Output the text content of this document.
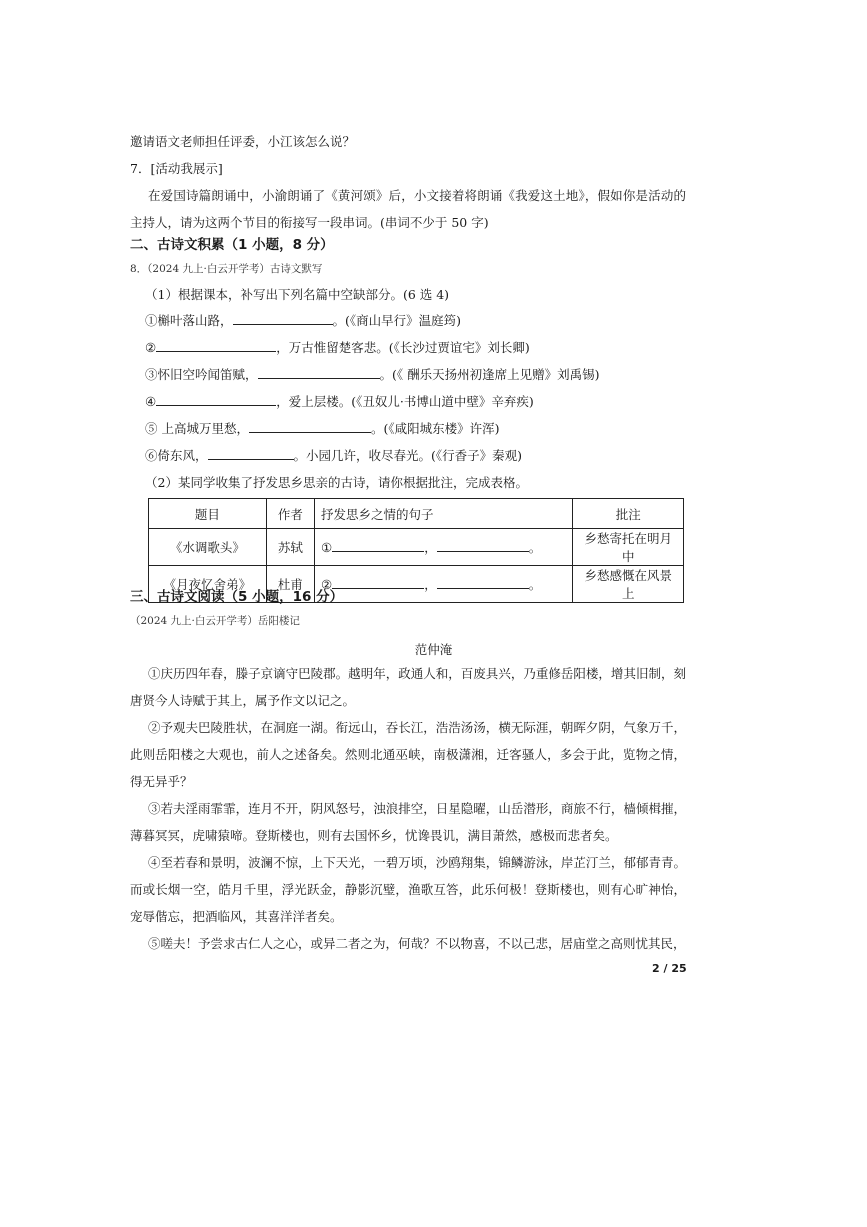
邀请语文老师担任评委，小江该怎么说？
7．[活动我展示]

在爱国诗篇朗诵中，小渝朗诵了《黄河颂》后，小文接着将朗诵《我爱这土地》，假如你是活动的主持人，请为这两个节目的衔接写一段串词。(串词不少于 50 字)

二、古诗文积累（1 小题，8 分）
8．（2024 九上·白云开学考）古诗文默写
（1）根据课本，补写出下列名篇中空缺部分。(6 选 4)
①槲叶落山路，	。(《商山早行》温庭筠)
②	，万古惟留楚客悲。(《长沙过贾谊宅》刘长卿)
③怀旧空吟闻笛赋，	。(《 酬乐天扬州初逢席上见赠》刘禹锡)
④	，爱上层楼。(《丑奴儿·书博山道中壁》辛弃疾)
⑤ 上高城万里愁，	。(《咸阳城东楼》许浑)
⑥倚东风，	。小园几许，收尽春光。(《行香子》秦观)
（2）某同学收集了抒发思乡思亲的古诗，请你根据批注，完成表格。
题目	作者	抒发思乡之情的句子	批注
《水调歌头》	苏轼	① ， 。	乡愁寄托在明月中
《月夜忆舍弟》	杜甫	② ， 。	乡愁感慨在风景上
三、古诗文阅读（5 小题，16 分）
（2024 九上·白云开学考）岳阳楼记
范仲淹

①庆历四年春，滕子京谪守巴陵郡。越明年，政通人和，百废具兴，乃重修岳阳楼，增其旧制，刻唐贤今人诗赋于其上，属予作文以记之。

②予观夫巴陵胜状，在洞庭一湖。衔远山，吞长江，浩浩汤汤，横无际涯，朝晖夕阴，气象万千，此则岳阳楼之大观也，前人之述备矣。然则北通巫峡，南极潇湘，迁客骚人，多会于此，览物之情，得无异乎？

③若夫淫雨霏霏，连月不开，阴风怒号，浊浪排空，日星隐曜，山岳潜形，商旅不行，樯倾楫摧，薄暮冥冥，虎啸猿啼。登斯楼也，则有去国怀乡，忧谗畏讥，满目萧然，感极而悲者矣。

④至若春和景明，波澜不惊，上下天光，一碧万顷，沙鸥翔集，锦鳞游泳，岸芷汀兰，郁郁青青。而或长烟一空，皓月千里，浮光跃金，静影沉璧，渔歌互答，此乐何极！登斯楼也，则有心旷神怡，宠辱偕忘，把酒临风，其喜洋洋者矣。

⑤嗟夫！予尝求古仁人之心，或异二者之为，何哉？不以物喜，不以己悲，居庙堂之高则忧其民，

2 / 25
